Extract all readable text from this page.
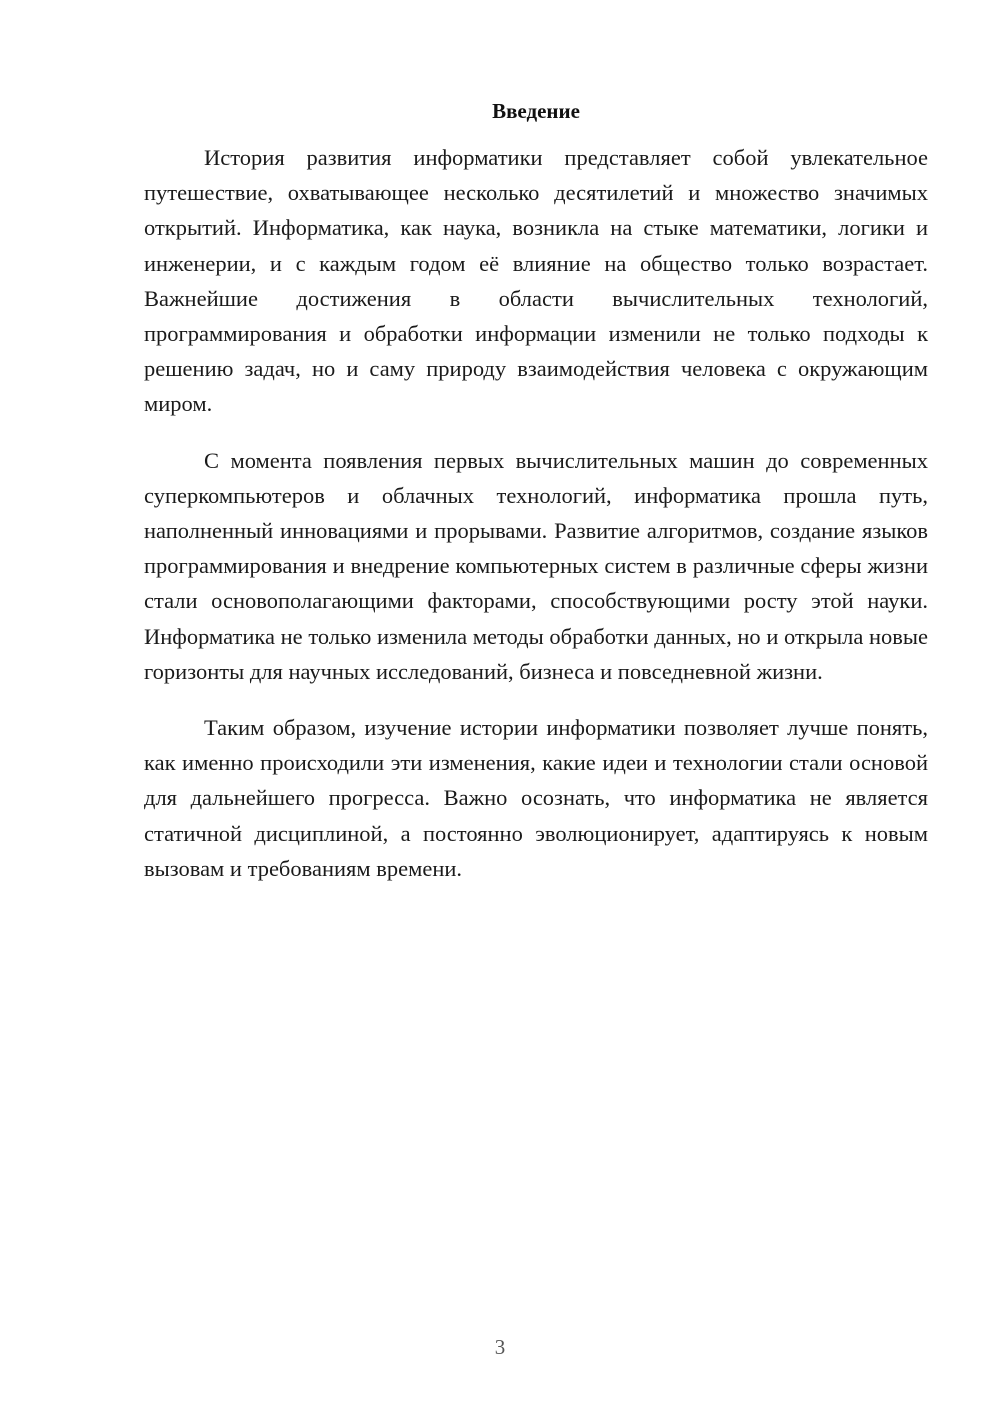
Введение

История развития информатики представляет собой увлекательное путешествие, охватывающее несколько десятилетий и множество значимых открытий. Информатика, как наука, возникла на стыке математики, логики и инженерии, и с каждым годом её влияние на общество только возрастает. Важнейшие достижения в области вычислительных технологий, программирования и обработки информации изменили не только подходы к решению задач, но и саму природу взаимодействия человека с окружающим миром.

С момента появления первых вычислительных машин до современных суперкомпьютеров и облачных технологий, информатика прошла путь, наполненный инновациями и прорывами. Развитие алгоритмов, создание языков программирования и внедрение компьютерных систем в различные сферы жизни стали основополагающими факторами, способствующими росту этой науки. Информатика не только изменила методы обработки данных, но и открыла новые горизонты для научных исследований, бизнеса и повседневной жизни.

Таким образом, изучение истории информатики позволяет лучше понять, как именно происходили эти изменения, какие идеи и технологии стали основой для дальнейшего прогресса. Важно осознать, что информатика не является статичной дисциплиной, а постоянно эволюционирует, адаптируясь к новым вызовам и требованиям времени.

3
